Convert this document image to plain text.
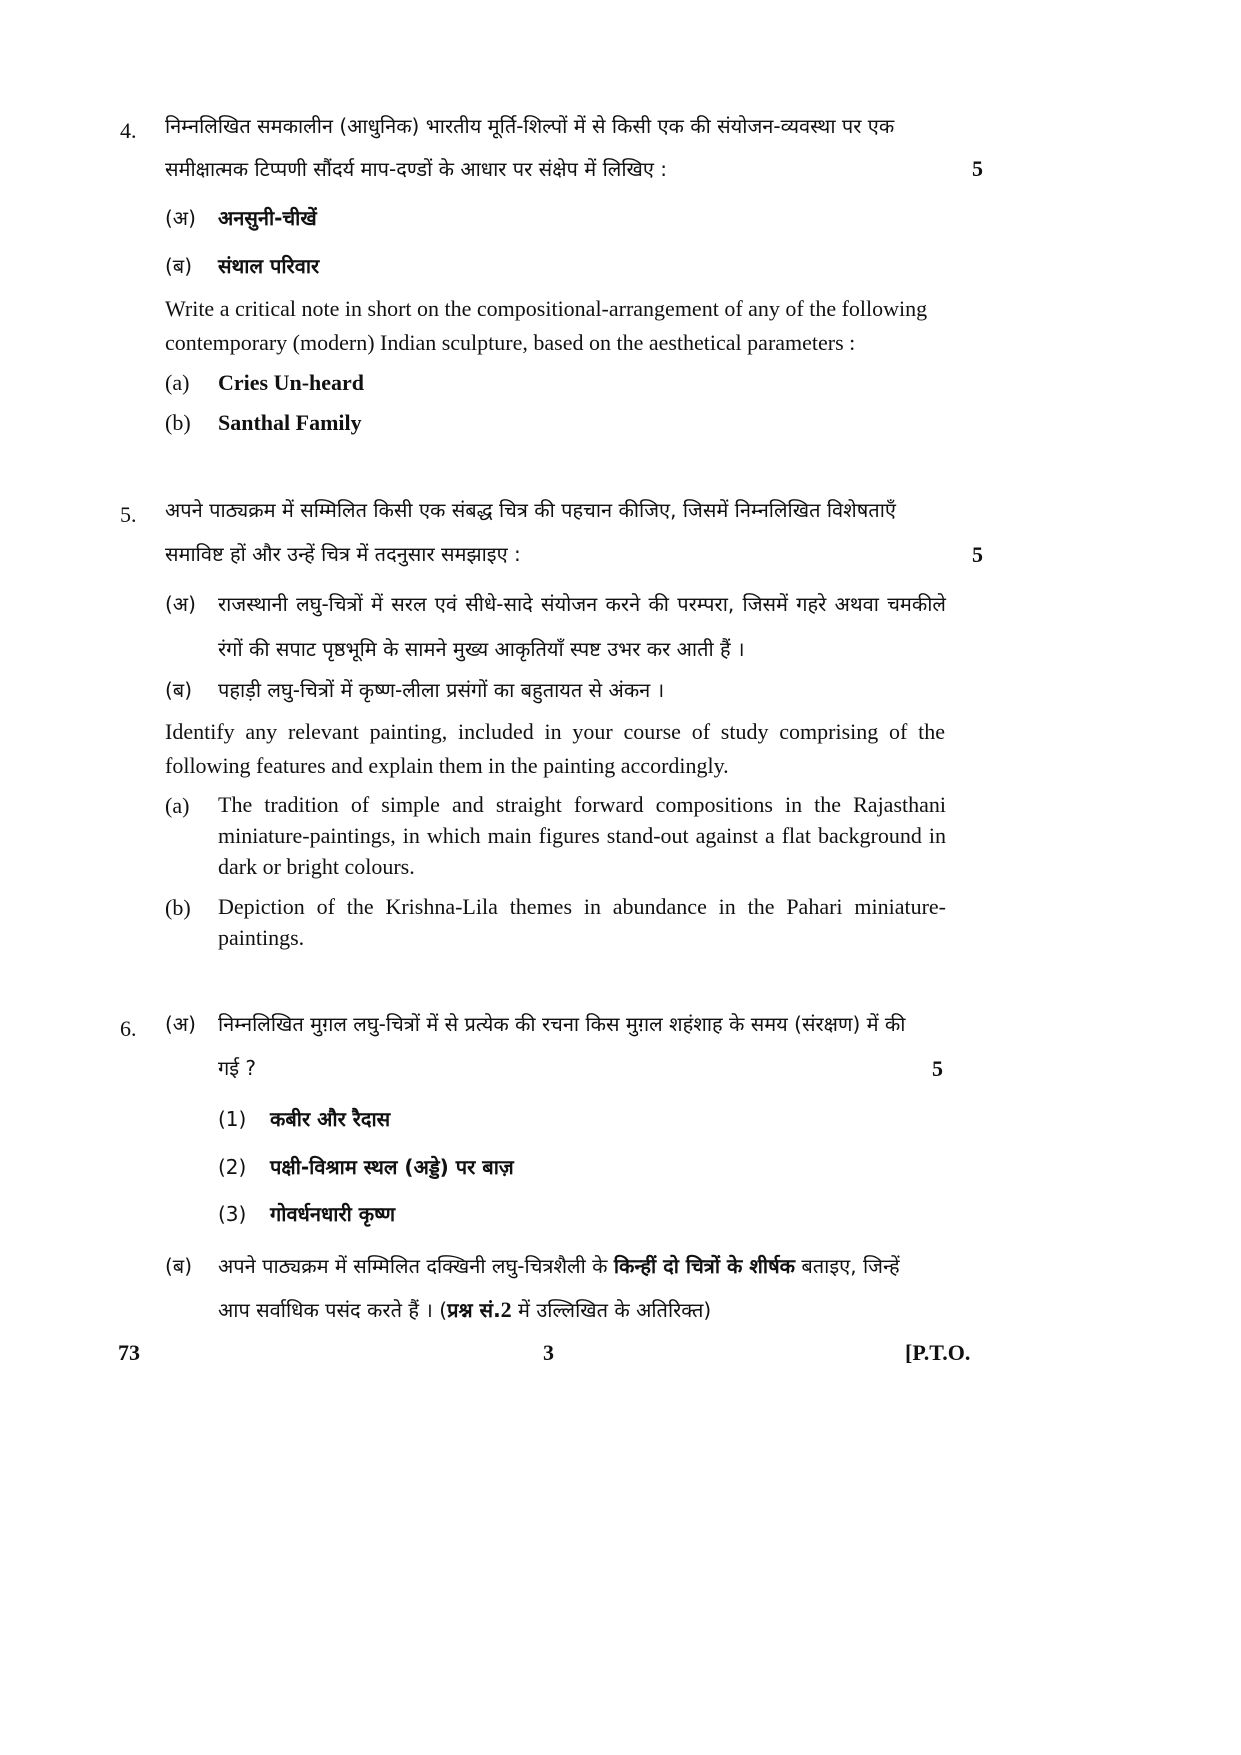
4. निम्नलिखित समकालीन (आधुनिक) भारतीय मूर्ति-शिल्पों में से किसी एक की संयोजन-व्यवस्था पर एक
समीक्षात्मक टिप्पणी सौंदर्य माप-दण्डों के आधार पर संक्षेप में लिखिए :	5
(अ) अनसुनी-चीखें
(ब) संथाल परिवार
Write a critical note in short on the compositional-arrangement of any of the following contemporary (modern) Indian sculpture, based on the aesthetical parameters :
(a) Cries Un-heard
(b) Santhal Family
5. अपने पाठ्यक्रम में सम्मिलित किसी एक संबद्ध चित्र की पहचान कीजिए, जिसमें निम्नलिखित विशेषताएँ
समाविष्ट हों और उन्हें चित्र में तदनुसार समझाइए :	5
(अ) राजस्थानी लघु-चित्रों में सरल एवं सीधे-सादे संयोजन करने की परम्परा, जिसमें गहरे अथवा चमकीले रंगों की सपाट पृष्ठभूमि के सामने मुख्य आकृतियाँ स्पष्ट उभर कर आती हैं ।
(ब) पहाड़ी लघु-चित्रों में कृष्ण-लीला प्रसंगों का बहुतायत से अंकन ।
Identify any relevant painting, included in your course of study comprising of the following features and explain them in the painting accordingly.
(a) The tradition of simple and straight forward compositions in the Rajasthani miniature-paintings, in which main figures stand-out against a flat background in dark or bright colours.
(b) Depiction of the Krishna-Lila themes in abundance in the Pahari miniature-paintings.
6. (अ) निम्नलिखित मुग़ल लघु-चित्रों में से प्रत्येक की रचना किस मुग़ल शहंशाह के समय (संरक्षण) में की
गई ?	5
(1) कबीर और रैदास
(2) पक्षी-विश्राम स्थल (अड्डे) पर बाज़
(3) गोवर्धनधारी कृष्ण
(ब) अपने पाठ्यक्रम में सम्मिलित दक्खिनी लघु-चित्रशैली के किन्हीं दो चित्रों के शीर्षक बताइए, जिन्हें
आप सर्वाधिक पसंद करते हैं । (प्रश्न सं.2 में उल्लिखित के अतिरिक्त)
73	3	[P.T.O.
